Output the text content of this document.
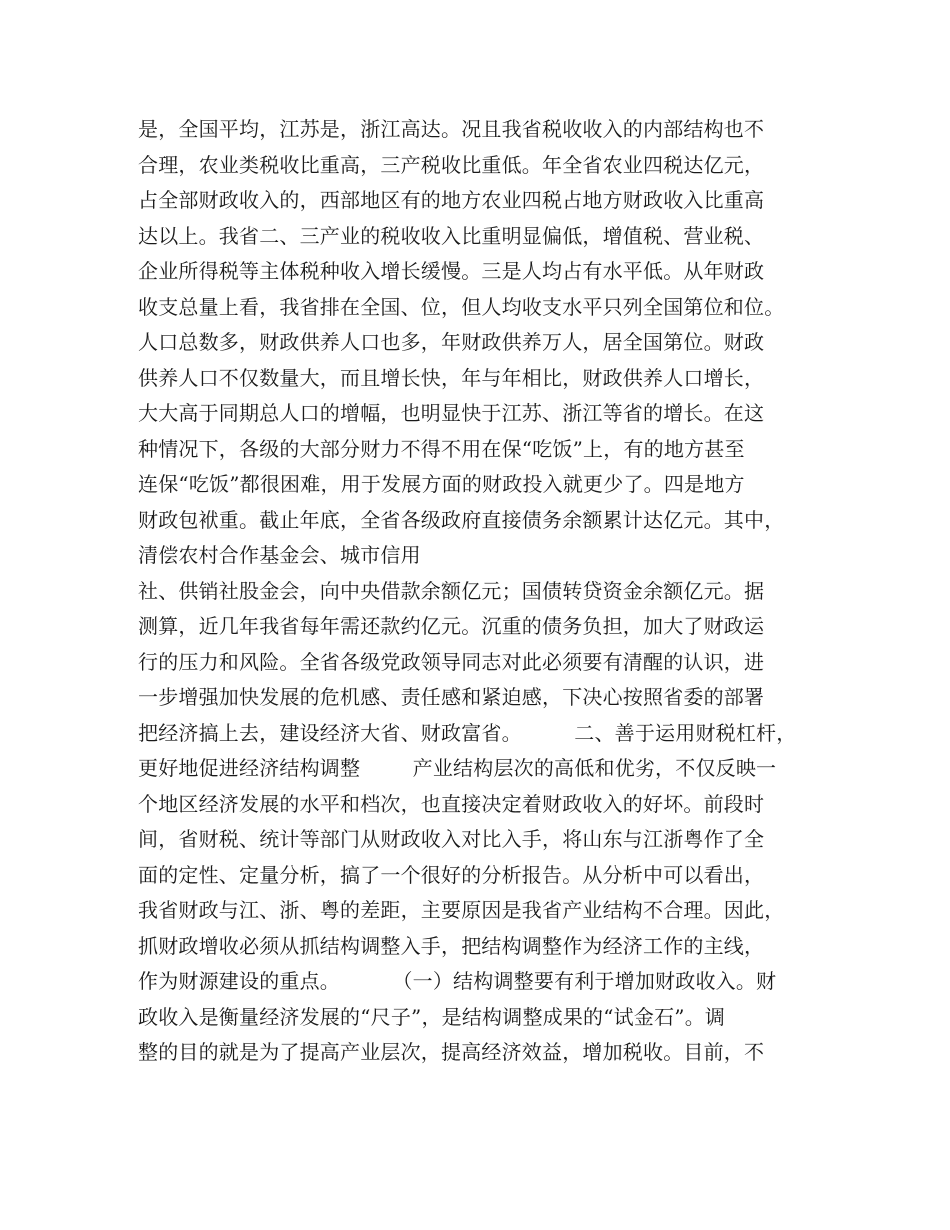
是，全国平均，江苏是，浙江高达。况且我省税收收入的内部结构也不
合理，农业类税收比重高，三产税收比重低。年全省农业四税达亿元，
占全部财政收入的，西部地区有的地方农业四税占地方财政收入比重高
达以上。我省二、三产业的税收收入比重明显偏低，增值税、营业税、
企业所得税等主体税种收入增长缓慢。三是人均占有水平低。从年财政
收支总量上看，我省排在全国、位，但人均收支水平只列全国第位和位。
人口总数多，财政供养人口也多，年财政供养万人，居全国第位。财政
供养人口不仅数量大，而且增长快，年与年相比，财政供养人口增长，
大大高于同期总人口的增幅，也明显快于江苏、浙江等省的增长。在这
种情况下，各级的大部分财力不得不用在保“吃饭”上，有的地方甚至
连保“吃饭”都很困难，用于发展方面的财政投入就更少了。四是地方
财政包袱重。截止年底，全省各级政府直接债务余额累计达亿元。其中，
清偿农村合作基金会、城市信用
社、供销社股金会，向中央借款余额亿元；国债转贷资金余额亿元。据
测算，近几年我省每年需还款约亿元。沉重的债务负担，加大了财政运
行的压力和风险。全省各级党政领导同志对此必须要有清醒的认识，进
一步增强加快发展的危机感、责任感和紧迫感，下决心按照省委的部署
把经济搞上去，建设经济大省、财政富省。        二、善于运用财税杠杆，
更好地促进经济结构调整        产业结构层次的高低和优劣，不仅反映一
个地区经济发展的水平和档次，也直接决定着财政收入的好坏。前段时
间，省财税、统计等部门从财政收入对比入手，将山东与江浙粤作了全
面的定性、定量分析，搞了一个很好的分析报告。从分析中可以看出，
我省财政与江、浙、粤的差距，主要原因是我省产业结构不合理。因此，
抓财政增收必须从抓结构调整入手，把结构调整作为经济工作的主线，
作为财源建设的重点。        （一）结构调整要有利于增加财政收入。财
政收入是衡量经济发展的“尺子”，是结构调整成果的“试金石”。调
整的目的就是为了提高产业层次，提高经济效益，增加税收。目前，不
